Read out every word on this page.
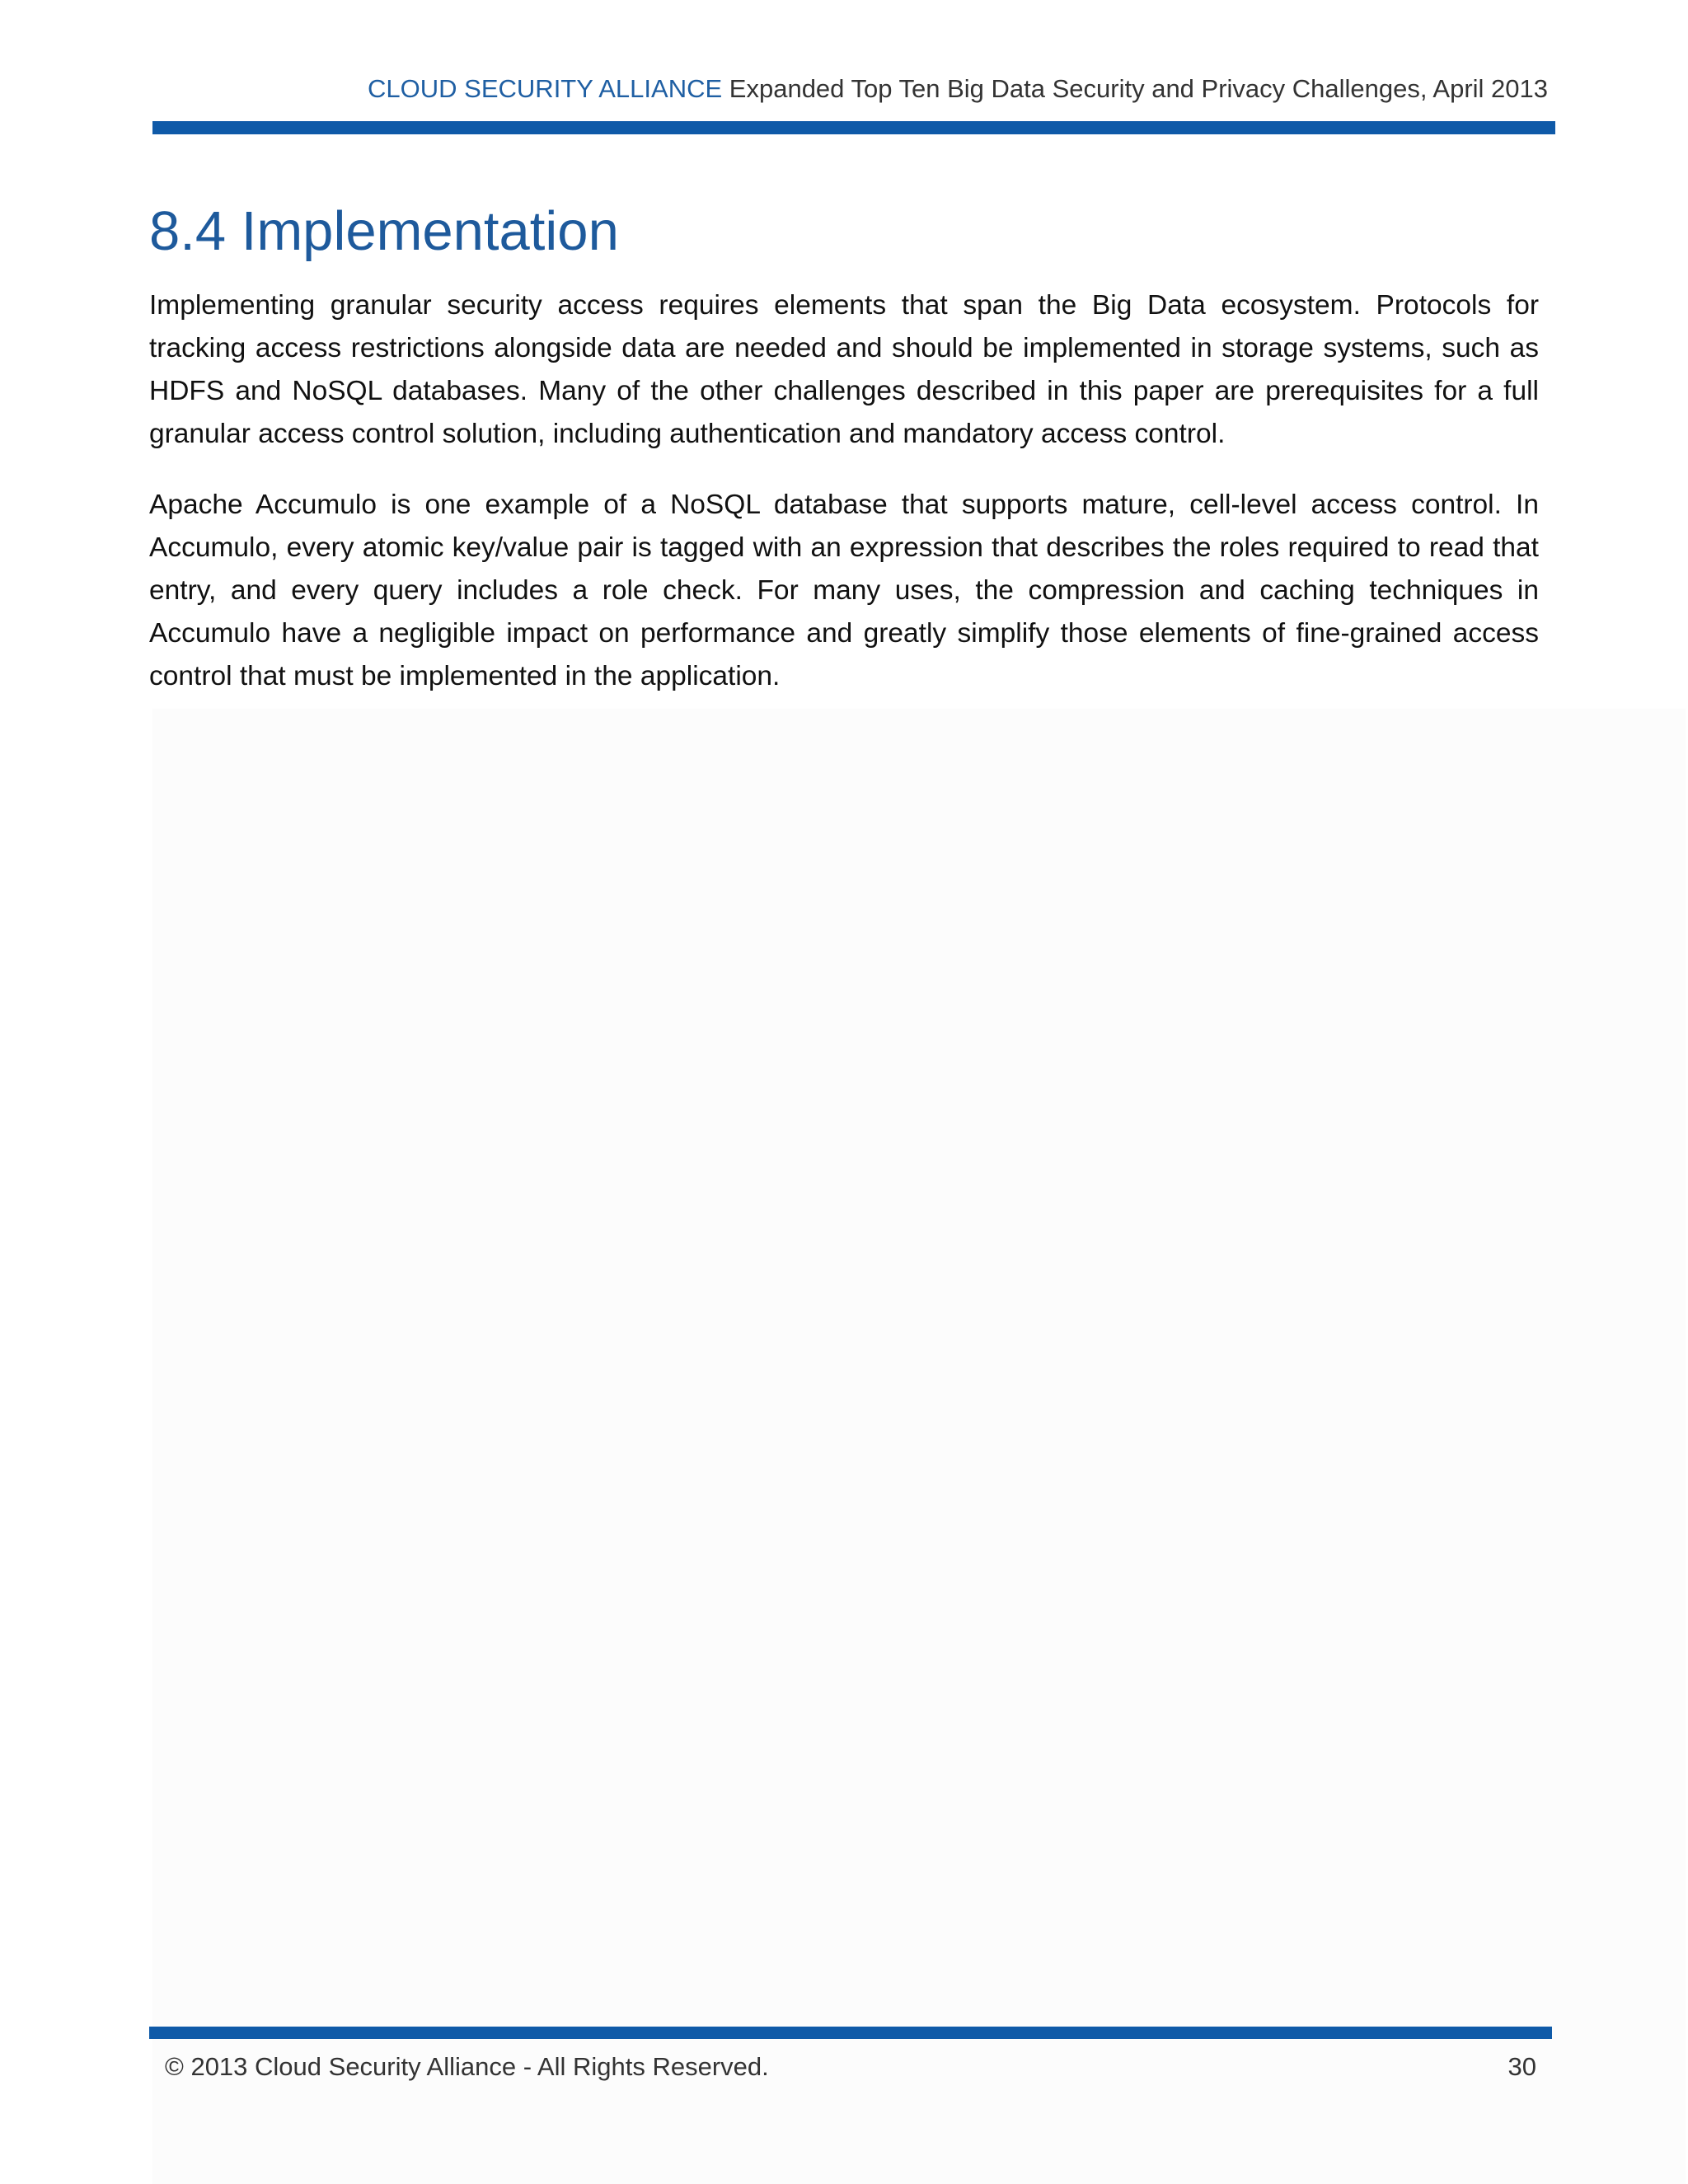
CLOUD SECURITY ALLIANCE Expanded Top Ten Big Data Security and Privacy Challenges, April 2013
8.4 Implementation

Implementing granular security access requires elements that span the Big Data ecosystem. Protocols for tracking access restrictions alongside data are needed and should be implemented in storage systems, such as HDFS and NoSQL databases. Many of the other challenges described in this paper are prerequisites for a full granular access control solution, including authentication and mandatory access control.

Apache Accumulo is one example of a NoSQL database that supports mature, cell-level access control. In Accumulo, every atomic key/value pair is tagged with an expression that describes the roles required to read that entry, and every query includes a role check. For many uses, the compression and caching techniques in Accumulo have a negligible impact on performance and greatly simplify those elements of fine-grained access control that must be implemented in the application.

© 2013 Cloud Security Alliance - All Rights Reserved.	30
